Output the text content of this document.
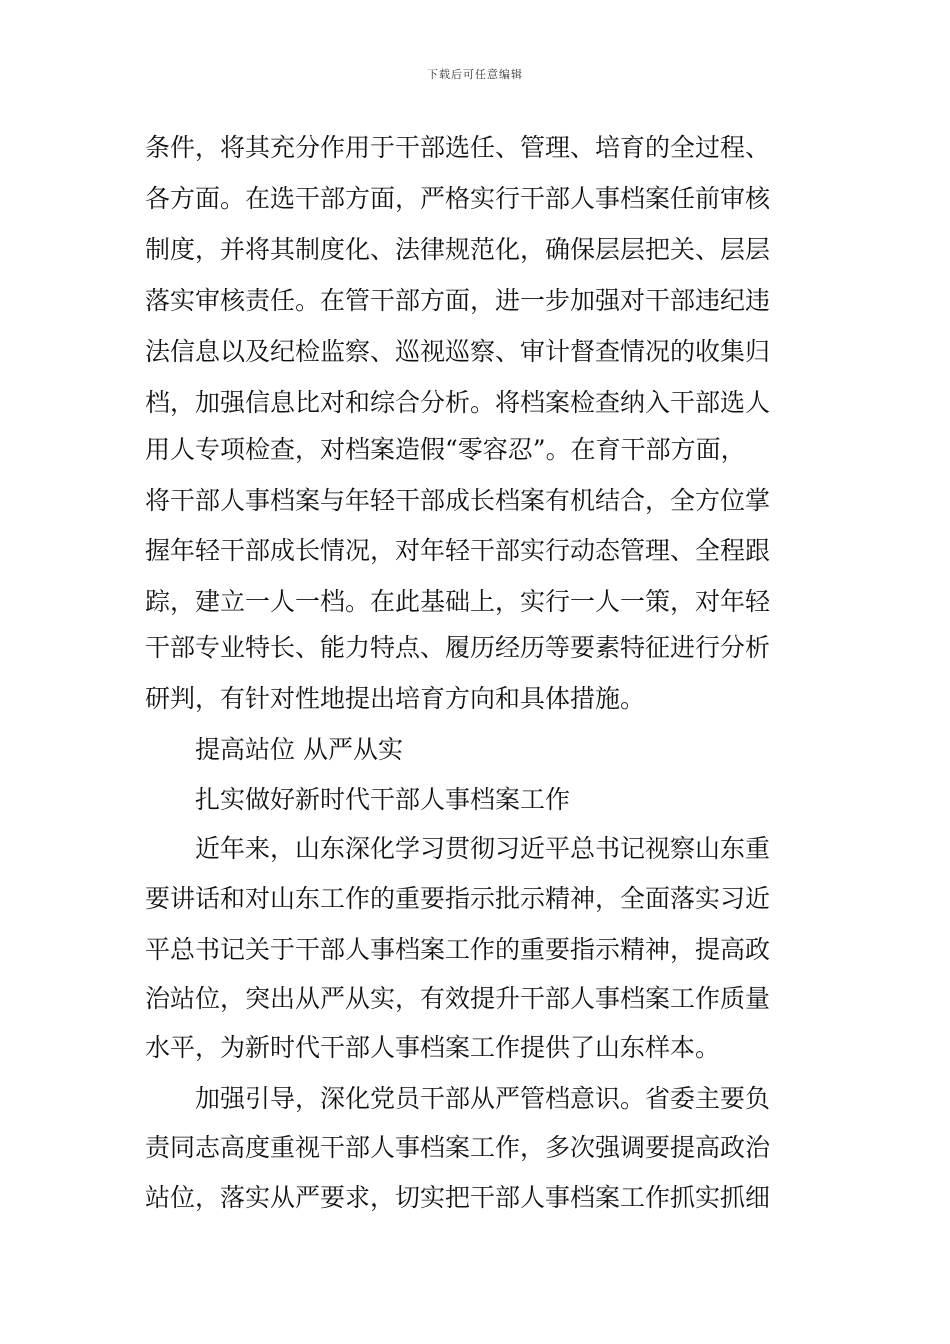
下载后可任意编辑
条件，将其充分作用于干部选任、管理、培育的全过程、
各方面。在选干部方面，严格实行干部人事档案任前审核
制度，并将其制度化、法律规范化，确保层层把关、层层
落实审核责任。在管干部方面，进一步加强对干部违纪违
法信息以及纪检监察、巡视巡察、审计督查情况的收集归
档，加强信息比对和综合分析。将档案检查纳入干部选人
用人专项检查，对档案造假“零容忍”。在育干部方面，
将干部人事档案与年轻干部成长档案有机结合，全方位掌
握年轻干部成长情况，对年轻干部实行动态管理、全程跟
踪，建立一人一档。在此基础上，实行一人一策，对年轻
干部专业特长、能力特点、履历经历等要素特征进行分析
研判，有针对性地提出培育方向和具体措施。
提高站位 从严从实
扎实做好新时代干部人事档案工作
近年来，山东深化学习贯彻习近平总书记视察山东重
要讲话和对山东工作的重要指示批示精神，全面落实习近
平总书记关于干部人事档案工作的重要指示精神，提高政
治站位，突出从严从实，有效提升干部人事档案工作质量
水平，为新时代干部人事档案工作提供了山东样本。
加强引导，深化党员干部从严管档意识。省委主要负
责同志高度重视干部人事档案工作，多次强调要提高政治
站位，落实从严要求，切实把干部人事档案工作抓实抓细
